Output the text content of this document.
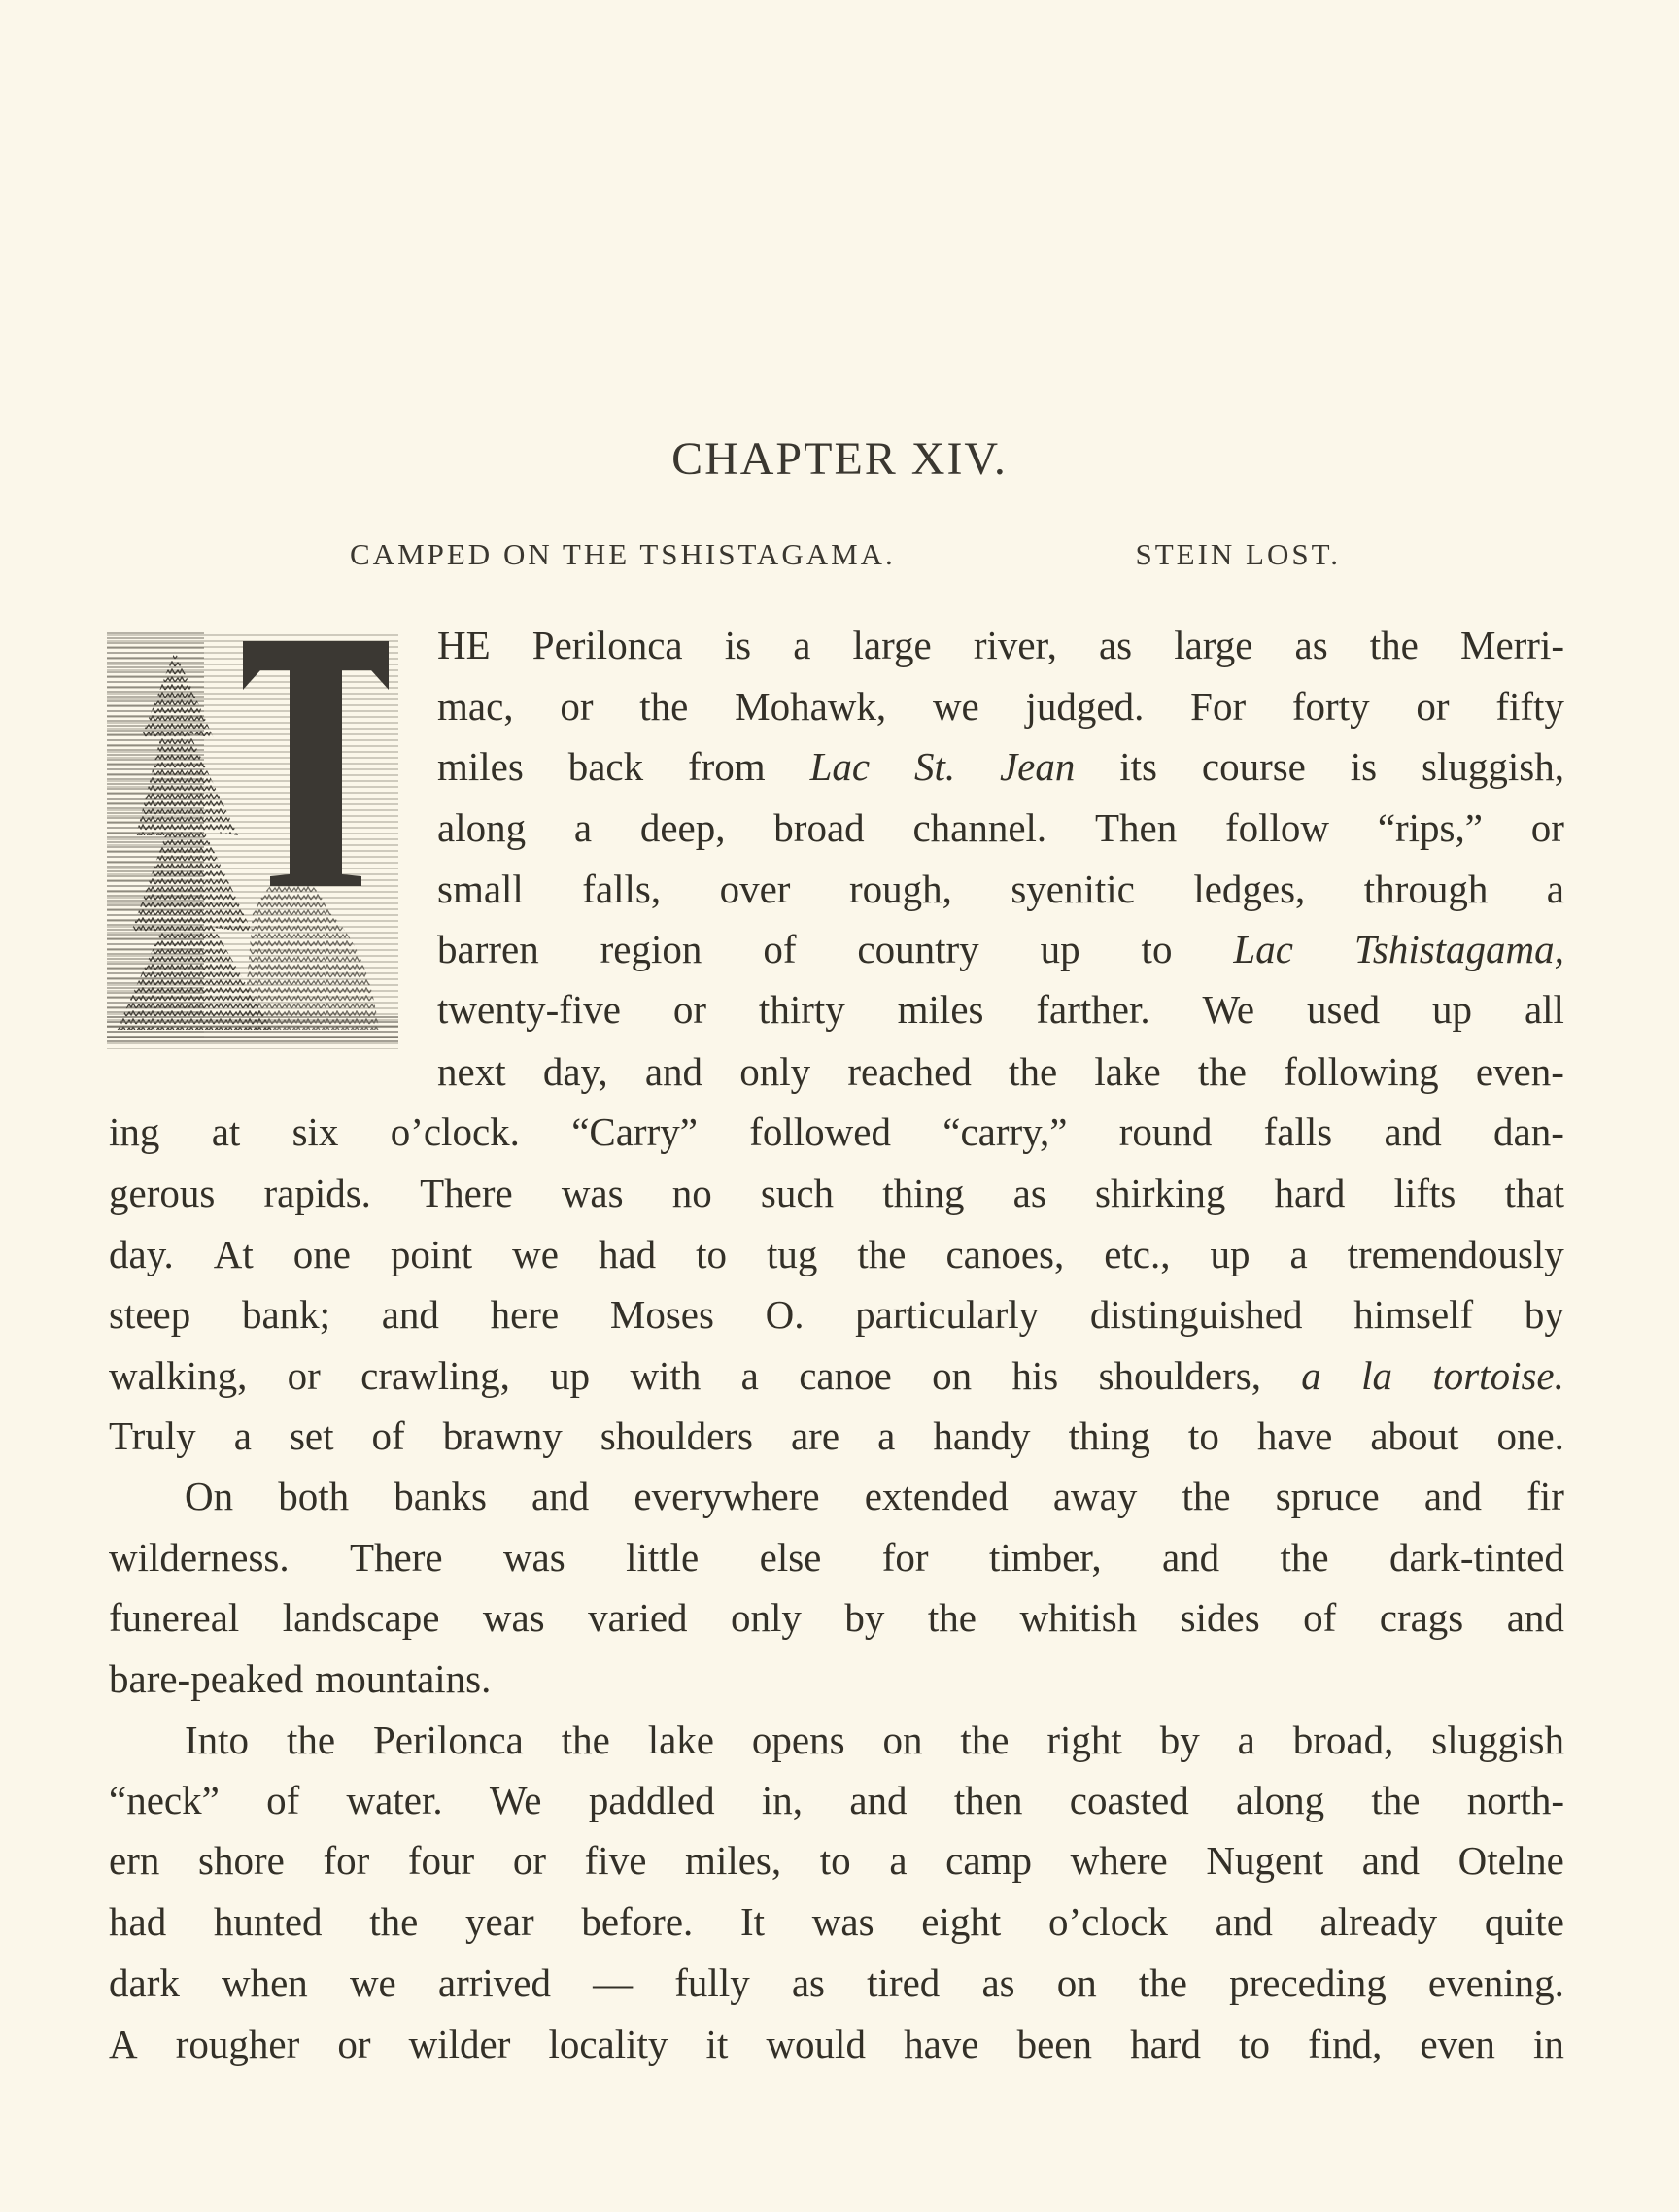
CHAPTER XIV.
CAMPED ON THE TSHISTAGAMA.	STEIN LOST.
T
HE Perilonca is a large river, as large as the Merri-
mac, or the Mohawk, we judged. For forty or fifty
miles back from Lac St. Jean its course is sluggish,
along a deep, broad channel. Then follow “rips,” or
small falls, over rough, syenitic ledges, through a
barren region of country up to Lac Tshistagama,
twenty-five or thirty miles farther. We used up all
next day, and only reached the lake the following even-
ing at six o’clock. “Carry” followed “carry,” round falls and dan-
gerous rapids. There was no such thing as shirking hard lifts that
day. At one point we had to tug the canoes, etc., up a tremendously
steep bank; and here Moses O. particularly distinguished himself by
walking, or crawling, up with a canoe on his shoulders, a la tortoise.
Truly a set of brawny shoulders are a handy thing to have about one.
On both banks and everywhere extended away the spruce and fir
wilderness. There was little else for timber, and the dark-tinted
funereal landscape was varied only by the whitish sides of crags and
bare-peaked mountains.
Into the Perilonca the lake opens on the right by a broad, sluggish
“neck” of water. We paddled in, and then coasted along the north-
ern shore for four or five miles, to a camp where Nugent and Otelne
had hunted the year before. It was eight o’clock and already quite
dark when we arrived — fully as tired as on the preceding evening.
A rougher or wilder locality it would have been hard to find, even in
